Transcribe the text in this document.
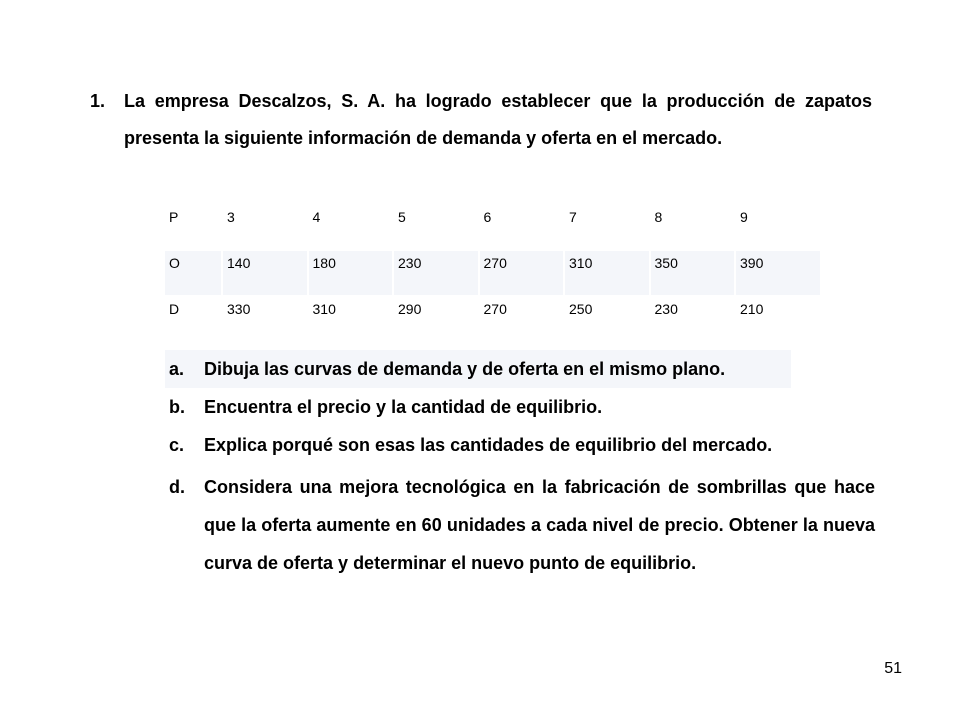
1.	La empresa Descalzos, S. A. ha logrado establecer que la producción de zapatos presenta la siguiente información de demanda y oferta en el mercado.
P	3	4	5	6	7	8	9
O	140	180	230	270	310	350	390
D	330	310	290	270	250	230	210
a.	Dibuja las curvas de demanda y de oferta en el mismo plano.
b.	Encuentra el precio y la cantidad de equilibrio.
c.	Explica porqué son esas las cantidades de equilibrio del mercado.
d.	Considera una mejora tecnológica en la fabricación de sombrillas que hace que la oferta aumente en 60 unidades a cada nivel de precio. Obtener la nueva curva de oferta y determinar el nuevo punto de equilibrio.
51
